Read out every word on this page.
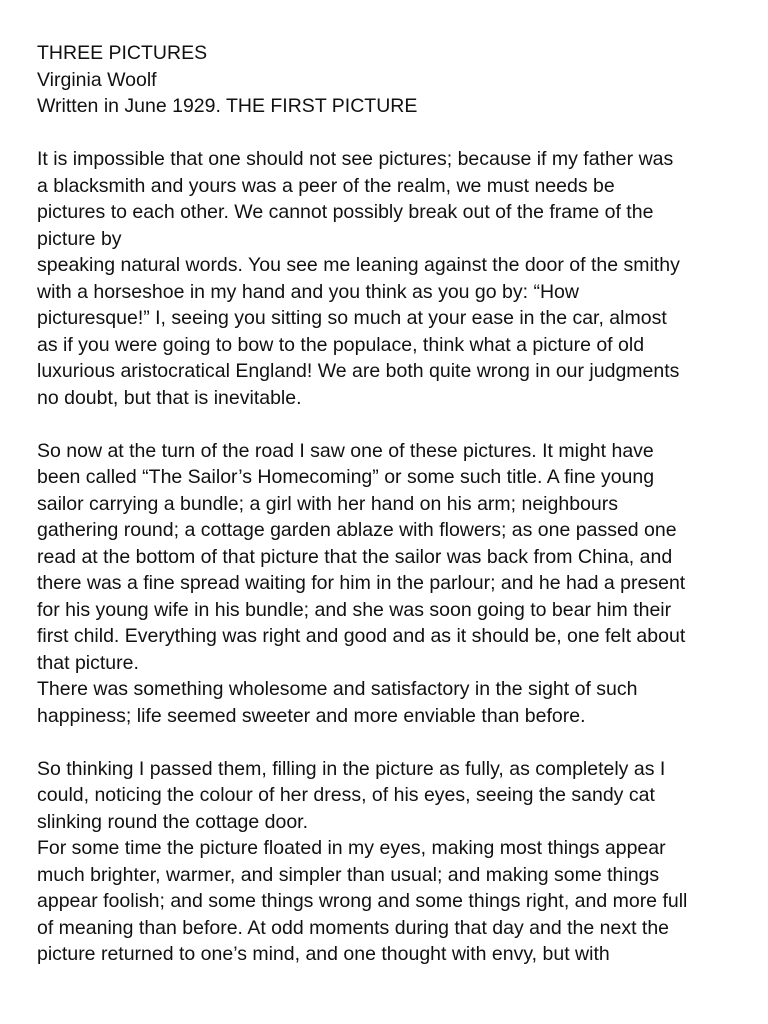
THREE PICTURES
Virginia Woolf
Written in June 1929. THE FIRST PICTURE
It is impossible that one should not see pictures; because if my father was
a blacksmith and yours was a peer of the realm, we must needs be
pictures to each other. We cannot possibly break out of the frame of the
picture by
speaking natural words. You see me leaning against the door of the smithy
with a horseshoe in my hand and you think as you go by: “How
picturesque!” I, seeing you sitting so much at your ease in the car, almost
as if you were going to bow to the populace, think what a picture of old
luxurious aristocratical England! We are both quite wrong in our judgments
no doubt, but that is inevitable.
So now at the turn of the road I saw one of these pictures. It might have
been called “The Sailor’s Homecoming” or some such title. A fine young
sailor carrying a bundle; a girl with her hand on his arm; neighbours
gathering round; a cottage garden ablaze with flowers; as one passed one
read at the bottom of that picture that the sailor was back from China, and
there was a fine spread waiting for him in the parlour; and he had a present
for his young wife in his bundle; and she was soon going to bear him their
first child. Everything was right and good and as it should be, one felt about
that picture.
There was something wholesome and satisfactory in the sight of such
happiness; life seemed sweeter and more enviable than before.
So thinking I passed them, filling in the picture as fully, as completely as I
could, noticing the colour of her dress, of his eyes, seeing the sandy cat
slinking round the cottage door.
For some time the picture floated in my eyes, making most things appear
much brighter, warmer, and simpler than usual; and making some things
appear foolish; and some things wrong and some things right, and more full
of meaning than before. At odd moments during that day and the next the
picture returned to one’s mind, and one thought with envy, but with
